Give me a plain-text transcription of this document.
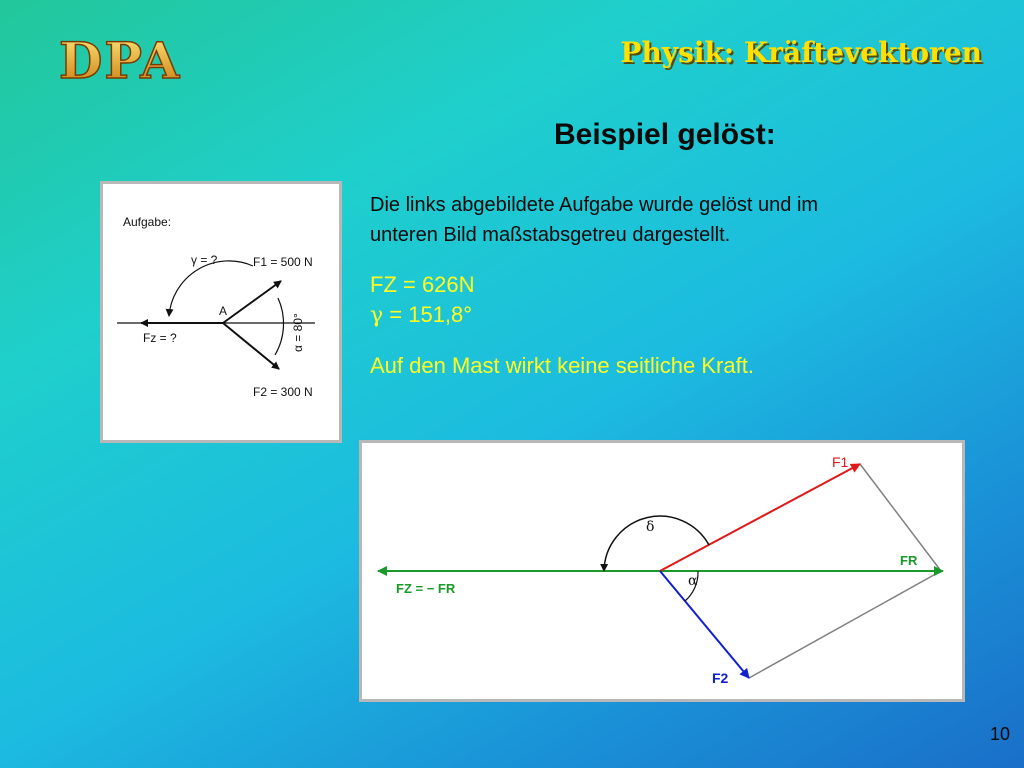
DPA	Physik: Kräftevektoren
Beispiel gelöst:
Die links abgebildete Aufgabe wurde gelöst und im
unteren Bild maßstabsgetreu dargestellt.
FZ = 626N
γ = 151,8°
Auf den Mast wirkt keine seitliche Kraft.
Aufgabe:
γ = ?	F1 = 500 N
A
α = 80°
Fz = ?
F2 = 300 N
F1
FR
δ
α
FZ = − FR
F2
10
